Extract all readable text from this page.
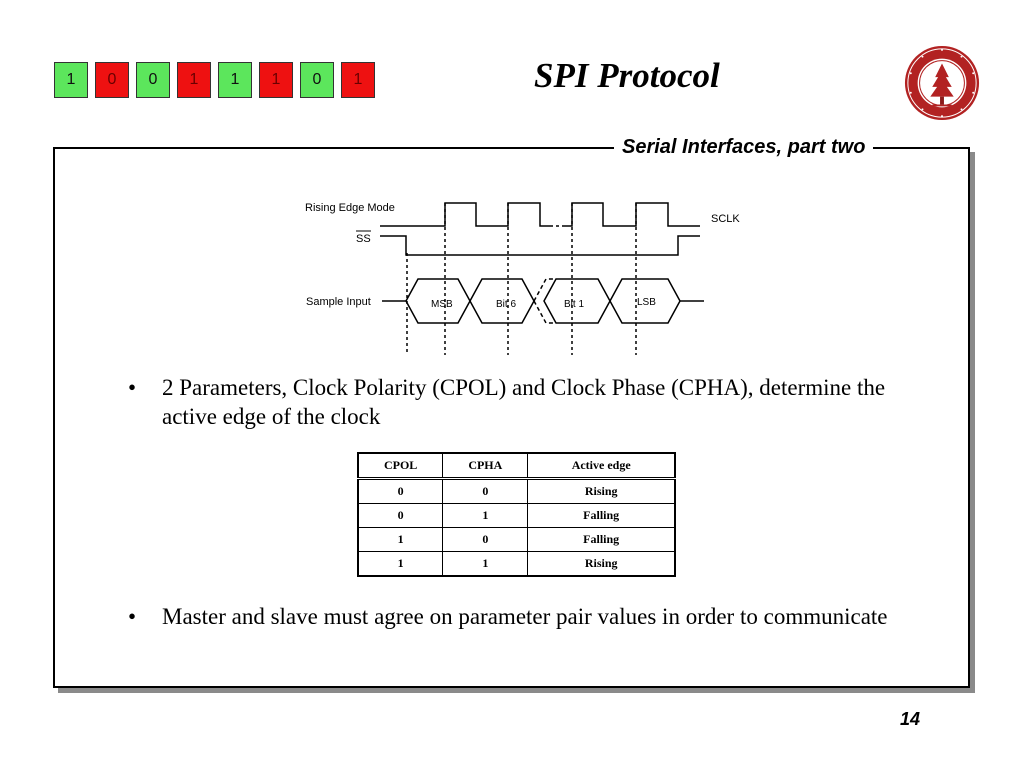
1	0	0	1	1	1	0	1	SPI Protocol
Serial Interfaces, part two
Rising Edge Mode
SS
SCLK
Sample Input	MSB	Bit 6	Bit 1	LSB
• 2 Parameters, Clock Polarity (CPOL) and Clock Phase (CPHA), determine the active edge of the clock
CPOL	CPHA	Active edge
0	0	Rising
0	1	Falling
1	0	Falling
1	1	Rising
• Master and slave must agree on parameter pair values in order to communicate
14
